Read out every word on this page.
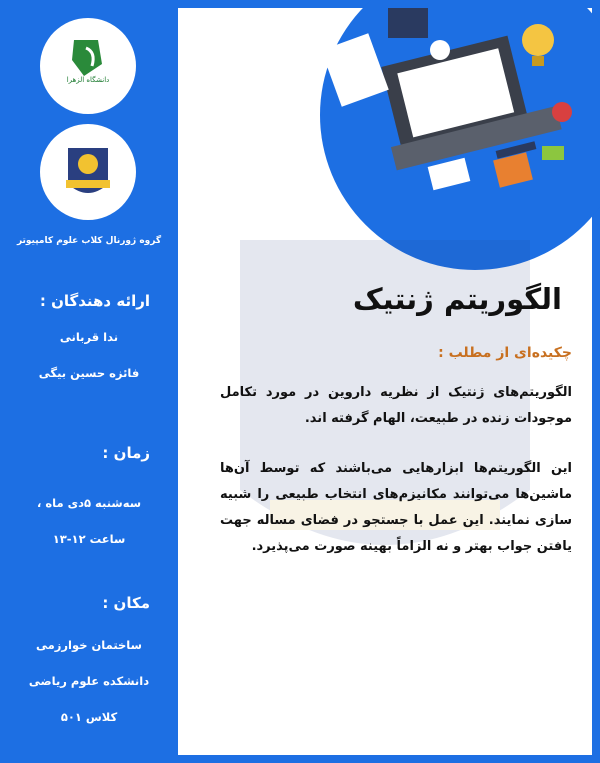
دانشگاه الزهرا
گروه ژورنال کلاب علوم کامپیوتر
ارائه دهندگان :
ندا قربانی
فائزه حسین بیگی
زمان :
سه‌شنبه ۵دی ماه ،
ساعت ۱۲-۱۳
مکان :
ساختمان خوارزمی
دانشکده علوم ریاضی
کلاس ۵۰۱
الگوریتم ژنتیک
چکیده‌ای از مطلب :
الگوریتم‌های ژنتیک از نظریه داروین در مورد تکامل موجودات زنده در طبیعت، الهام گرفته اند.
این الگوریتم‌ها ابزارهایی می‌باشند که توسط آن‌ها ماشین‌ها می‌توانند مکانیزم‌های انتخاب طبیعی را شبیه سازی نمایند. این عمل با جستجو در فضای مساله جهت یافتن جواب بهتر و نه الزاماً بهینه صورت می‌پذیرد.
